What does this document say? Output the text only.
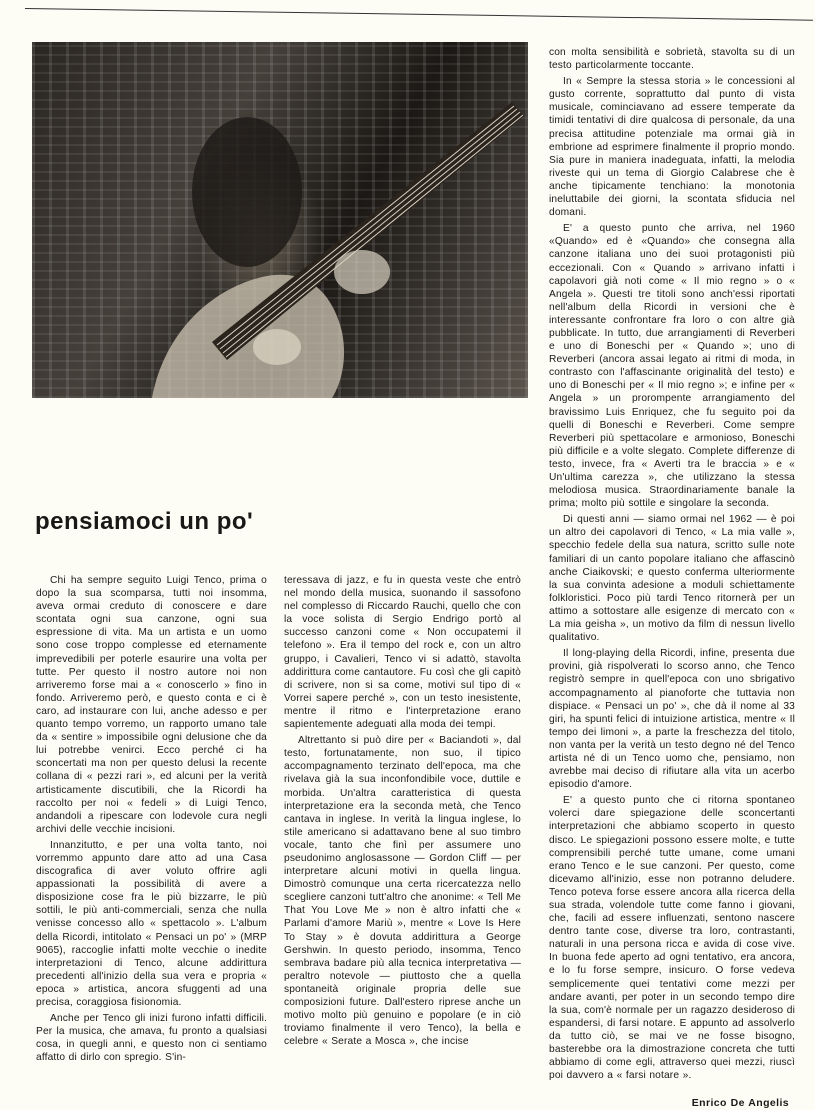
pensiamoci un po'

Chi ha sempre seguito Luigi Tenco, prima o dopo la sua scomparsa, tutti noi insomma, aveva ormai creduto di conoscere e dare scontata ogni sua canzone, ogni sua espressione di vita. Ma un artista e un uomo sono cose troppo complesse ed eternamente imprevedibili per poterle esaurire una volta per tutte. Per questo il nostro autore noi non arriveremo forse mai a « conoscerlo » fino in fondo. Arriveremo però, e questo conta e ci è caro, ad instaurare con lui, anche adesso e per quanto tempo vorremo, un rapporto umano tale da « sentire » impossibile ogni delusione che da lui potrebbe venirci. Ecco perché ci ha sconcertati ma non per questo delusi la recente collana di « pezzi rari », ed alcuni per la verità artisticamente discutibili, che la Ricordi ha raccolto per noi « fedeli » di Luigi Tenco, andandoli a ripescare con lodevole cura negli archivi delle vecchie incisioni.

Innanzitutto, e per una volta tanto, noi vorremmo appunto dare atto ad una Casa discografica di aver voluto offrire agli appassionati la possibilità di avere a disposizione cose fra le più bizzarre, le più sottili, le più anti-commerciali, senza che nulla venisse concesso allo « spettacolo ». L'album della Ricordi, intitolato « Pensaci un po' » (MRP 9065), raccoglie infatti molte vecchie o inedite interpretazioni di Tenco, alcune addirittura precedenti all'inizio della sua vera e propria « epoca » artistica, ancora sfuggenti ad una precisa, coraggiosa fisionomia.

Anche per Tenco gli inizi furono infatti difficili. Per la musica, che amava, fu pronto a qualsiasi cosa, in quegli anni, e questo non ci sentiamo affatto di dirlo con spregio. S'in-

teressava di jazz, e fu in questa veste che entrò nel mondo della musica, suonando il sassofono nel complesso di Riccardo Rauchi, quello che con la voce solista di Sergio Endrigo portò al successo canzoni come « Non occupatemi il telefono ». Era il tempo del rock e, con un altro gruppo, i Cavalieri, Tenco vi si adattò, stavolta addirittura come cantautore. Fu così che gli capitò di scrivere, non si sa come, motivi sul tipo di « Vorrei sapere perché », con un testo inesistente, mentre il ritmo e l'interpretazione erano sapientemente adeguati alla moda dei tempi.

Altrettanto si può dire per « Baciandoti », dal testo, fortunatamente, non suo, il tipico accompagnamento terzinato dell'epoca, ma che rivelava già la sua inconfondibile voce, duttile e morbida. Un'altra caratteristica di questa interpretazione era la seconda metà, che Tenco cantava in inglese. In verità la lingua inglese, lo stile americano si adattavano bene al suo timbro vocale, tanto che finì per assumere uno pseudonimo anglosassone — Gordon Cliff — per interpretare alcuni motivi in quella lingua. Dimostrò comunque una certa ricercatezza nello scegliere canzoni tutt'altro che anonime: « Tell Me That You Love Me » non è altro infatti che « Parlami d'amore Mariù », mentre « Love Is Here To Stay » è dovuta addirittura a George Gershwin. In questo periodo, insomma, Tenco sembrava badare più alla tecnica interpretativa — peraltro notevole — piuttosto che a quella spontaneità originale propria delle sue composizioni future. Dall'estero riprese anche un motivo molto più genuino e popolare (e in ciò troviamo finalmente il vero Tenco), la bella e celebre « Serate a Mosca », che incise

con molta sensibilità e sobrietà, stavolta su di un testo particolarmente toccante.

In « Sempre la stessa storia » le concessioni al gusto corrente, soprattutto dal punto di vista musicale, cominciavano ad essere temperate da timidi tentativi di dire qualcosa di personale, da una precisa attitudine potenziale ma ormai già in embrione ad esprimere finalmente il proprio mondo. Sia pure in maniera inadeguata, infatti, la melodia riveste qui un tema di Giorgio Calabrese che è anche tipicamente tenchiano: la monotonia ineluttabile dei giorni, la scontata sfiducia nel domani.

E' a questo punto che arriva, nel 1960 «Quando» ed è «Quando» che consegna alla canzone italiana uno dei suoi protagonisti più eccezionali. Con « Quando » arrivano infatti i capolavori già noti come « Il mio regno » o « Angela ». Questi tre titoli sono anch'essi riportati nell'album della Ricordi in versioni che è interessante confrontare fra loro o con altre già pubblicate. In tutto, due arrangiamenti di Reverberi e uno di Boneschi per « Quando »; uno di Reverberi (ancora assai legato ai ritmi di moda, in contrasto con l'affascinante originalità del testo) e uno di Boneschi per « Il mio regno »; e infine per « Angela » un prorompente arrangiamento del bravissimo Luis Enriquez, che fu seguito poi da quelli di Boneschi e Reverberi. Come sempre Reverberi più spettacolare e armonioso, Boneschi più difficile e a volte slegato. Complete differenze di testo, invece, fra « Averti tra le braccia » e « Un'ultima carezza », che utilizzano la stessa melodiosa musica. Straordinariamente banale la prima; molto più sottile e singolare la seconda.

Di questi anni — siamo ormai nel 1962 — è poi un altro dei capolavori di Tenco, « La mia valle », specchio fedele della sua natura, scritto sulle note familiari di un canto popolare italiano che affascinò anche Ciaikovski; e questo conferma ulteriormente la sua convinta adesione a moduli schiettamente folkloristici. Poco più tardi Tenco ritornerà per un attimo a sottostare alle esigenze di mercato con « La mia geisha », un motivo da film di nessun livello qualitativo.

Il long-playing della Ricordi, infine, presenta due provini, già rispolverati lo scorso anno, che Tenco registrò sempre in quell'epoca con uno sbrigativo accompagnamento al pianoforte che tuttavia non dispiace. « Pensaci un po' », che dà il nome al 33 giri, ha spunti felici di intuizione artistica, mentre « Il tempo dei limoni », a parte la freschezza del titolo, non vanta per la verità un testo degno né del Tenco artista né di un Tenco uomo che, pensiamo, non avrebbe mai deciso di rifiutare alla vita un acerbo episodio d'amore.

E' a questo punto che ci ritorna spontaneo volerci dare spiegazione delle sconcertanti interpretazioni che abbiamo scoperto in questo disco. Le spiegazioni possono essere molte, e tutte comprensibili perché tutte umane, come umani erano Tenco e le sue canzoni. Per questo, come dicevamo all'inizio, esse non potranno deludere. Tenco poteva forse essere ancora alla ricerca della sua strada, volendole tutte come fanno i giovani, che, facili ad essere influenzati, sentono nascere dentro tante cose, diverse tra loro, contrastanti, naturali in una persona ricca e avida di cose vive. In buona fede aperto ad ogni tentativo, era ancora, e lo fu forse sempre, insicuro. O forse vedeva semplicemente quei tentativi come mezzi per andare avanti, per poter in un secondo tempo dire la sua, com'è normale per un ragazzo desideroso di espandersi, di farsi notare. E appunto ad assolverlo da tutto ciò, se mai ve ne fosse bisogno, basterebbe ora la dimostrazione concreta che tutti abbiamo di come egli, attraverso quei mezzi, riuscì poi davvero a « farsi notare ».

Enrico De Angelis
